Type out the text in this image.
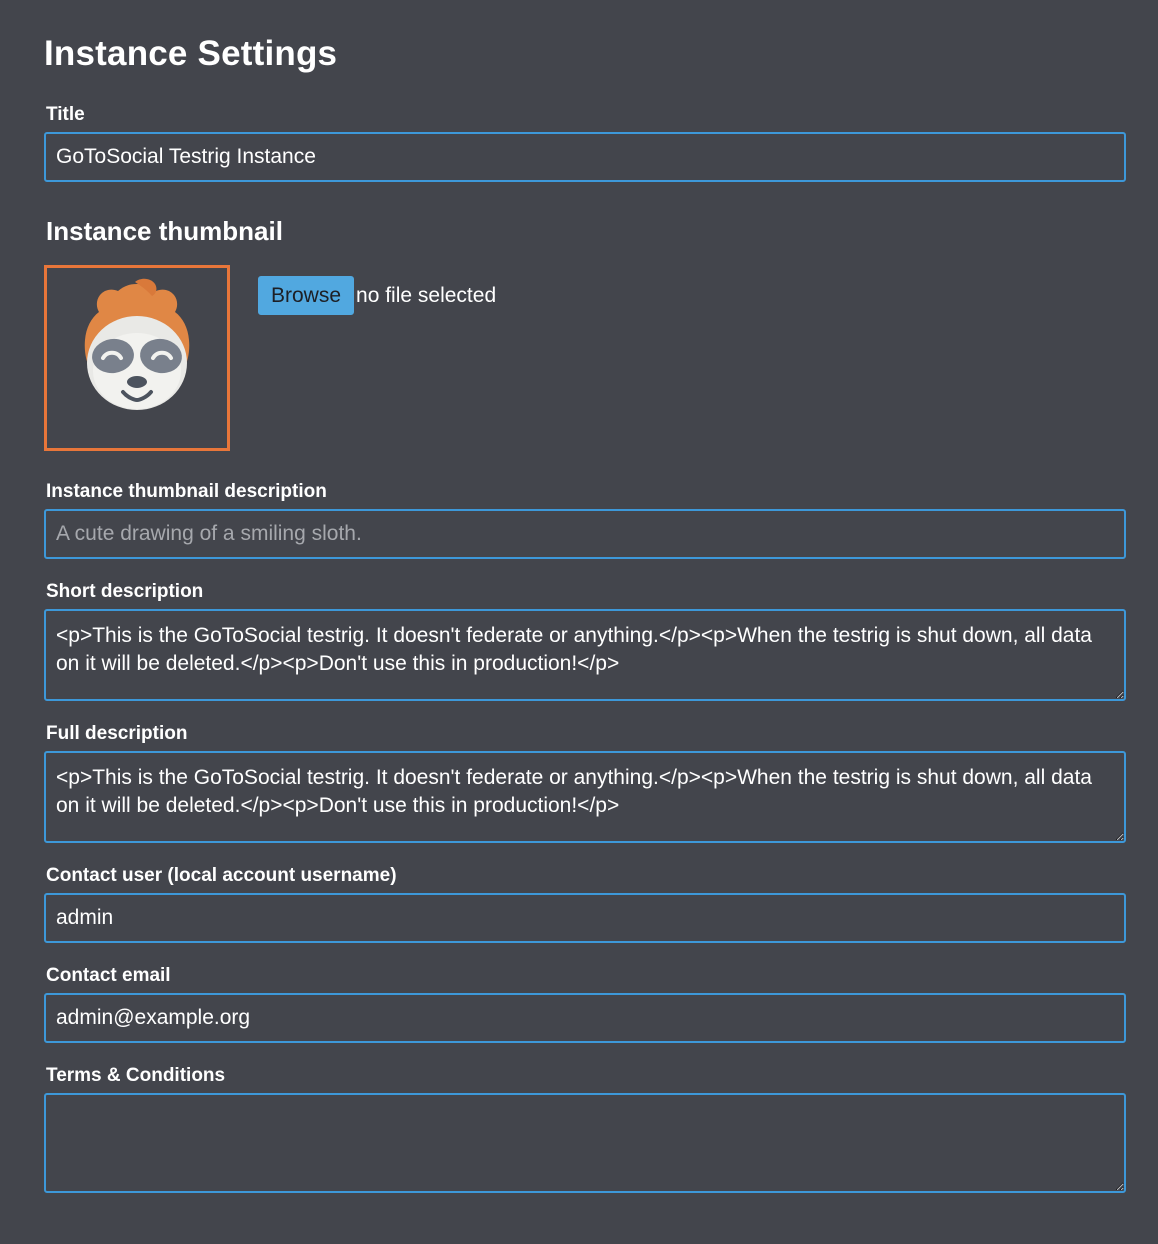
Instance Settings
Title
GoToSocial Testrig Instance
Instance thumbnail
Browse no file selected
Instance thumbnail description
A cute drawing of a smiling sloth.
Short description
<p>This is the GoToSocial testrig. It doesn't federate or anything.</p><p>When the testrig is shut down, all data on it will be deleted.</p><p>Don't use this in production!</p>
Full description
<p>This is the GoToSocial testrig. It doesn't federate or anything.</p><p>When the testrig is shut down, all data on it will be deleted.</p><p>Don't use this in production!</p>
Contact user (local account username)
admin
Contact email
admin@example.org
Terms & Conditions
